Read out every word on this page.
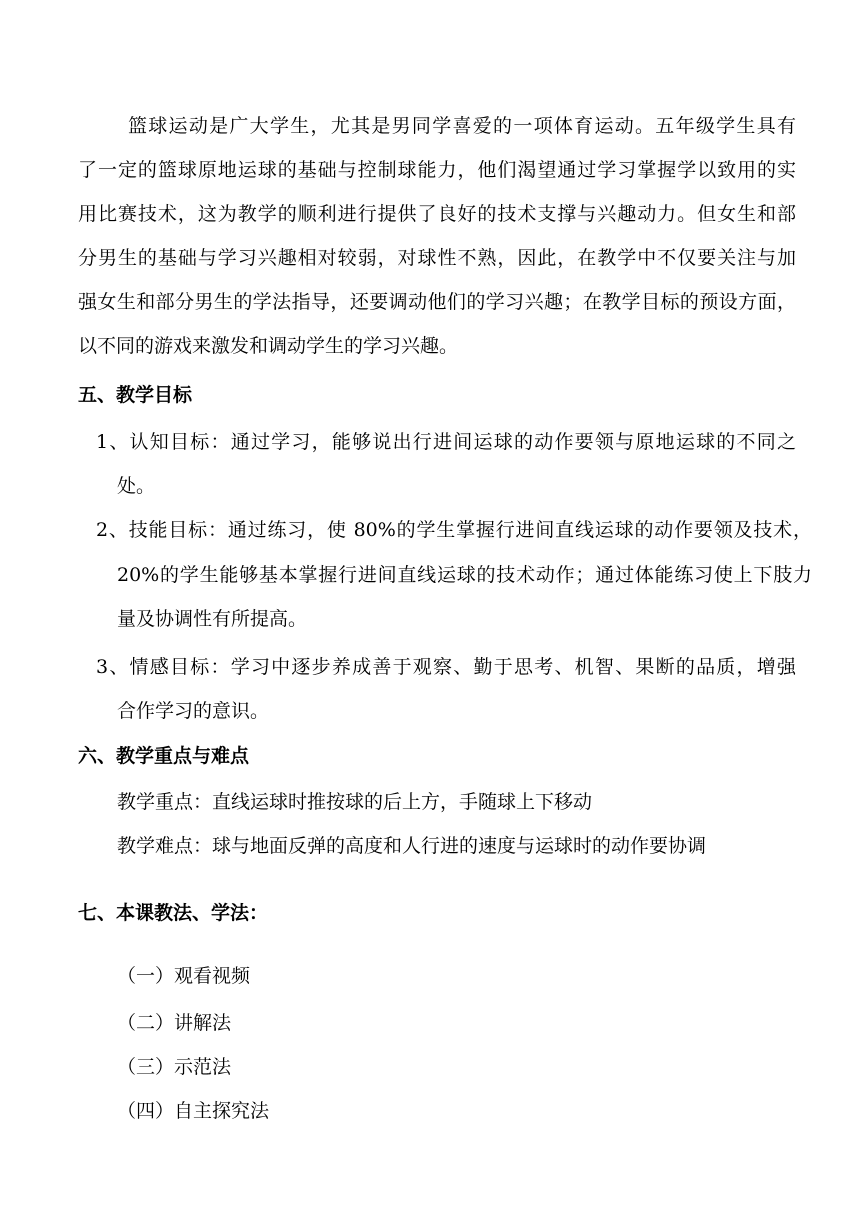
篮球运动是广大学生，尤其是男同学喜爱的一项体育运动。五年级学生具有
了一定的篮球原地运球的基础与控制球能力，他们渴望通过学习掌握学以致用的实
用比赛技术，这为教学的顺利进行提供了良好的技术支撑与兴趣动力。但女生和部
分男生的基础与学习兴趣相对较弱，对球性不熟，因此，在教学中不仅要关注与加
强女生和部分男生的学法指导，还要调动他们的学习兴趣；在教学目标的预设方面，
以不同的游戏来激发和调动学生的学习兴趣。
五、教学目标
1、认知目标：通过学习，能够说出行进间运球的动作要领与原地运球的不同之
处。
2、技能目标：通过练习，使 80%的学生掌握行进间直线运球的动作要领及技术，
20%的学生能够基本掌握行进间直线运球的技术动作；通过体能练习使上下肢力
量及协调性有所提高。
3、情感目标：学习中逐步养成善于观察、勤于思考、机智、果断的品质，增强
合作学习的意识。
六、教学重点与难点
教学重点：直线运球时推按球的后上方，手随球上下移动
教学难点：球与地面反弹的高度和人行进的速度与运球时的动作要协调
七、本课教法、学法：
（一）观看视频
（二）讲解法
（三）示范法
（四）自主探究法
